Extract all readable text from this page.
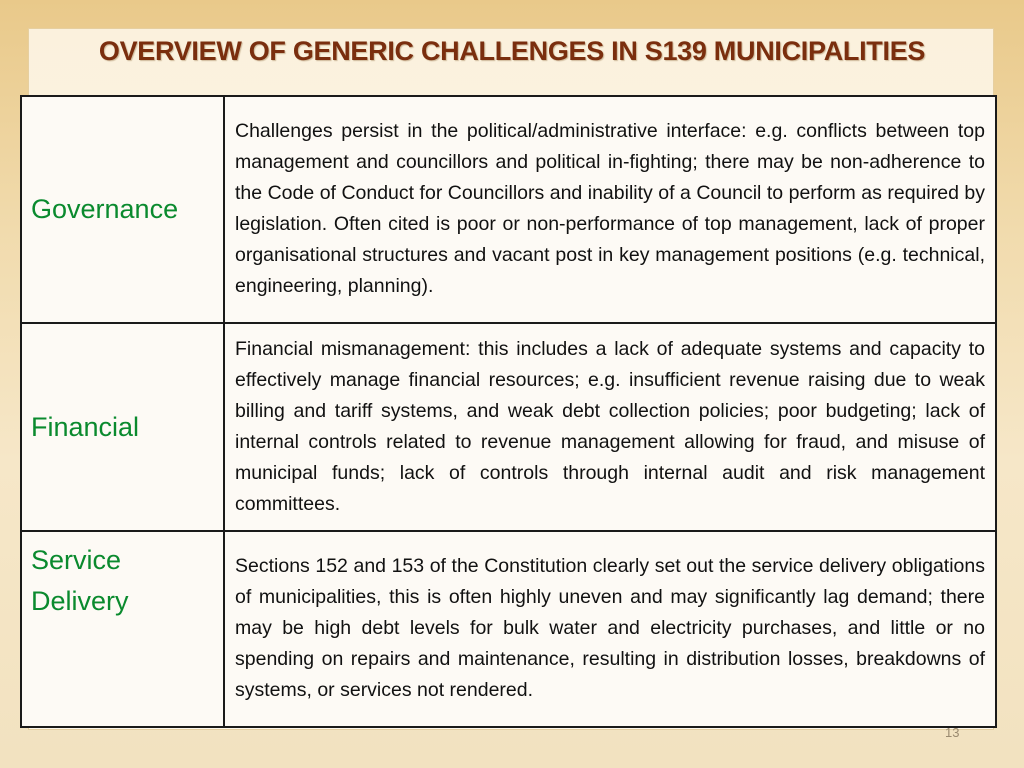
OVERVIEW OF GENERIC CHALLENGES IN S139 MUNICIPALITIES
Governance	Challenges persist in the political/administrative interface: e.g. conflicts between top management and councillors and political in-fighting; there may be non-adherence to the Code of Conduct for Councillors and inability of a Council to perform as required by legislation. Often cited is poor or non-performance of top management, lack of proper organisational structures and vacant post in key management positions (e.g. technical, engineering, planning).
Financial	Financial mismanagement: this includes a lack of adequate systems and capacity to effectively manage financial resources; e.g. insufficient revenue raising due to weak billing and tariff systems, and weak debt collection policies; poor budgeting; lack of internal controls related to revenue management allowing for fraud, and misuse of municipal funds; lack of controls through internal audit and risk management committees.
Service Delivery	Sections 152 and 153 of the Constitution clearly set out the service delivery obligations of municipalities, this is often highly uneven and may significantly lag demand; there may be high debt levels for bulk water and electricity purchases, and little or no spending on repairs and maintenance, resulting in distribution losses, breakdowns of systems, or services not rendered.
13
